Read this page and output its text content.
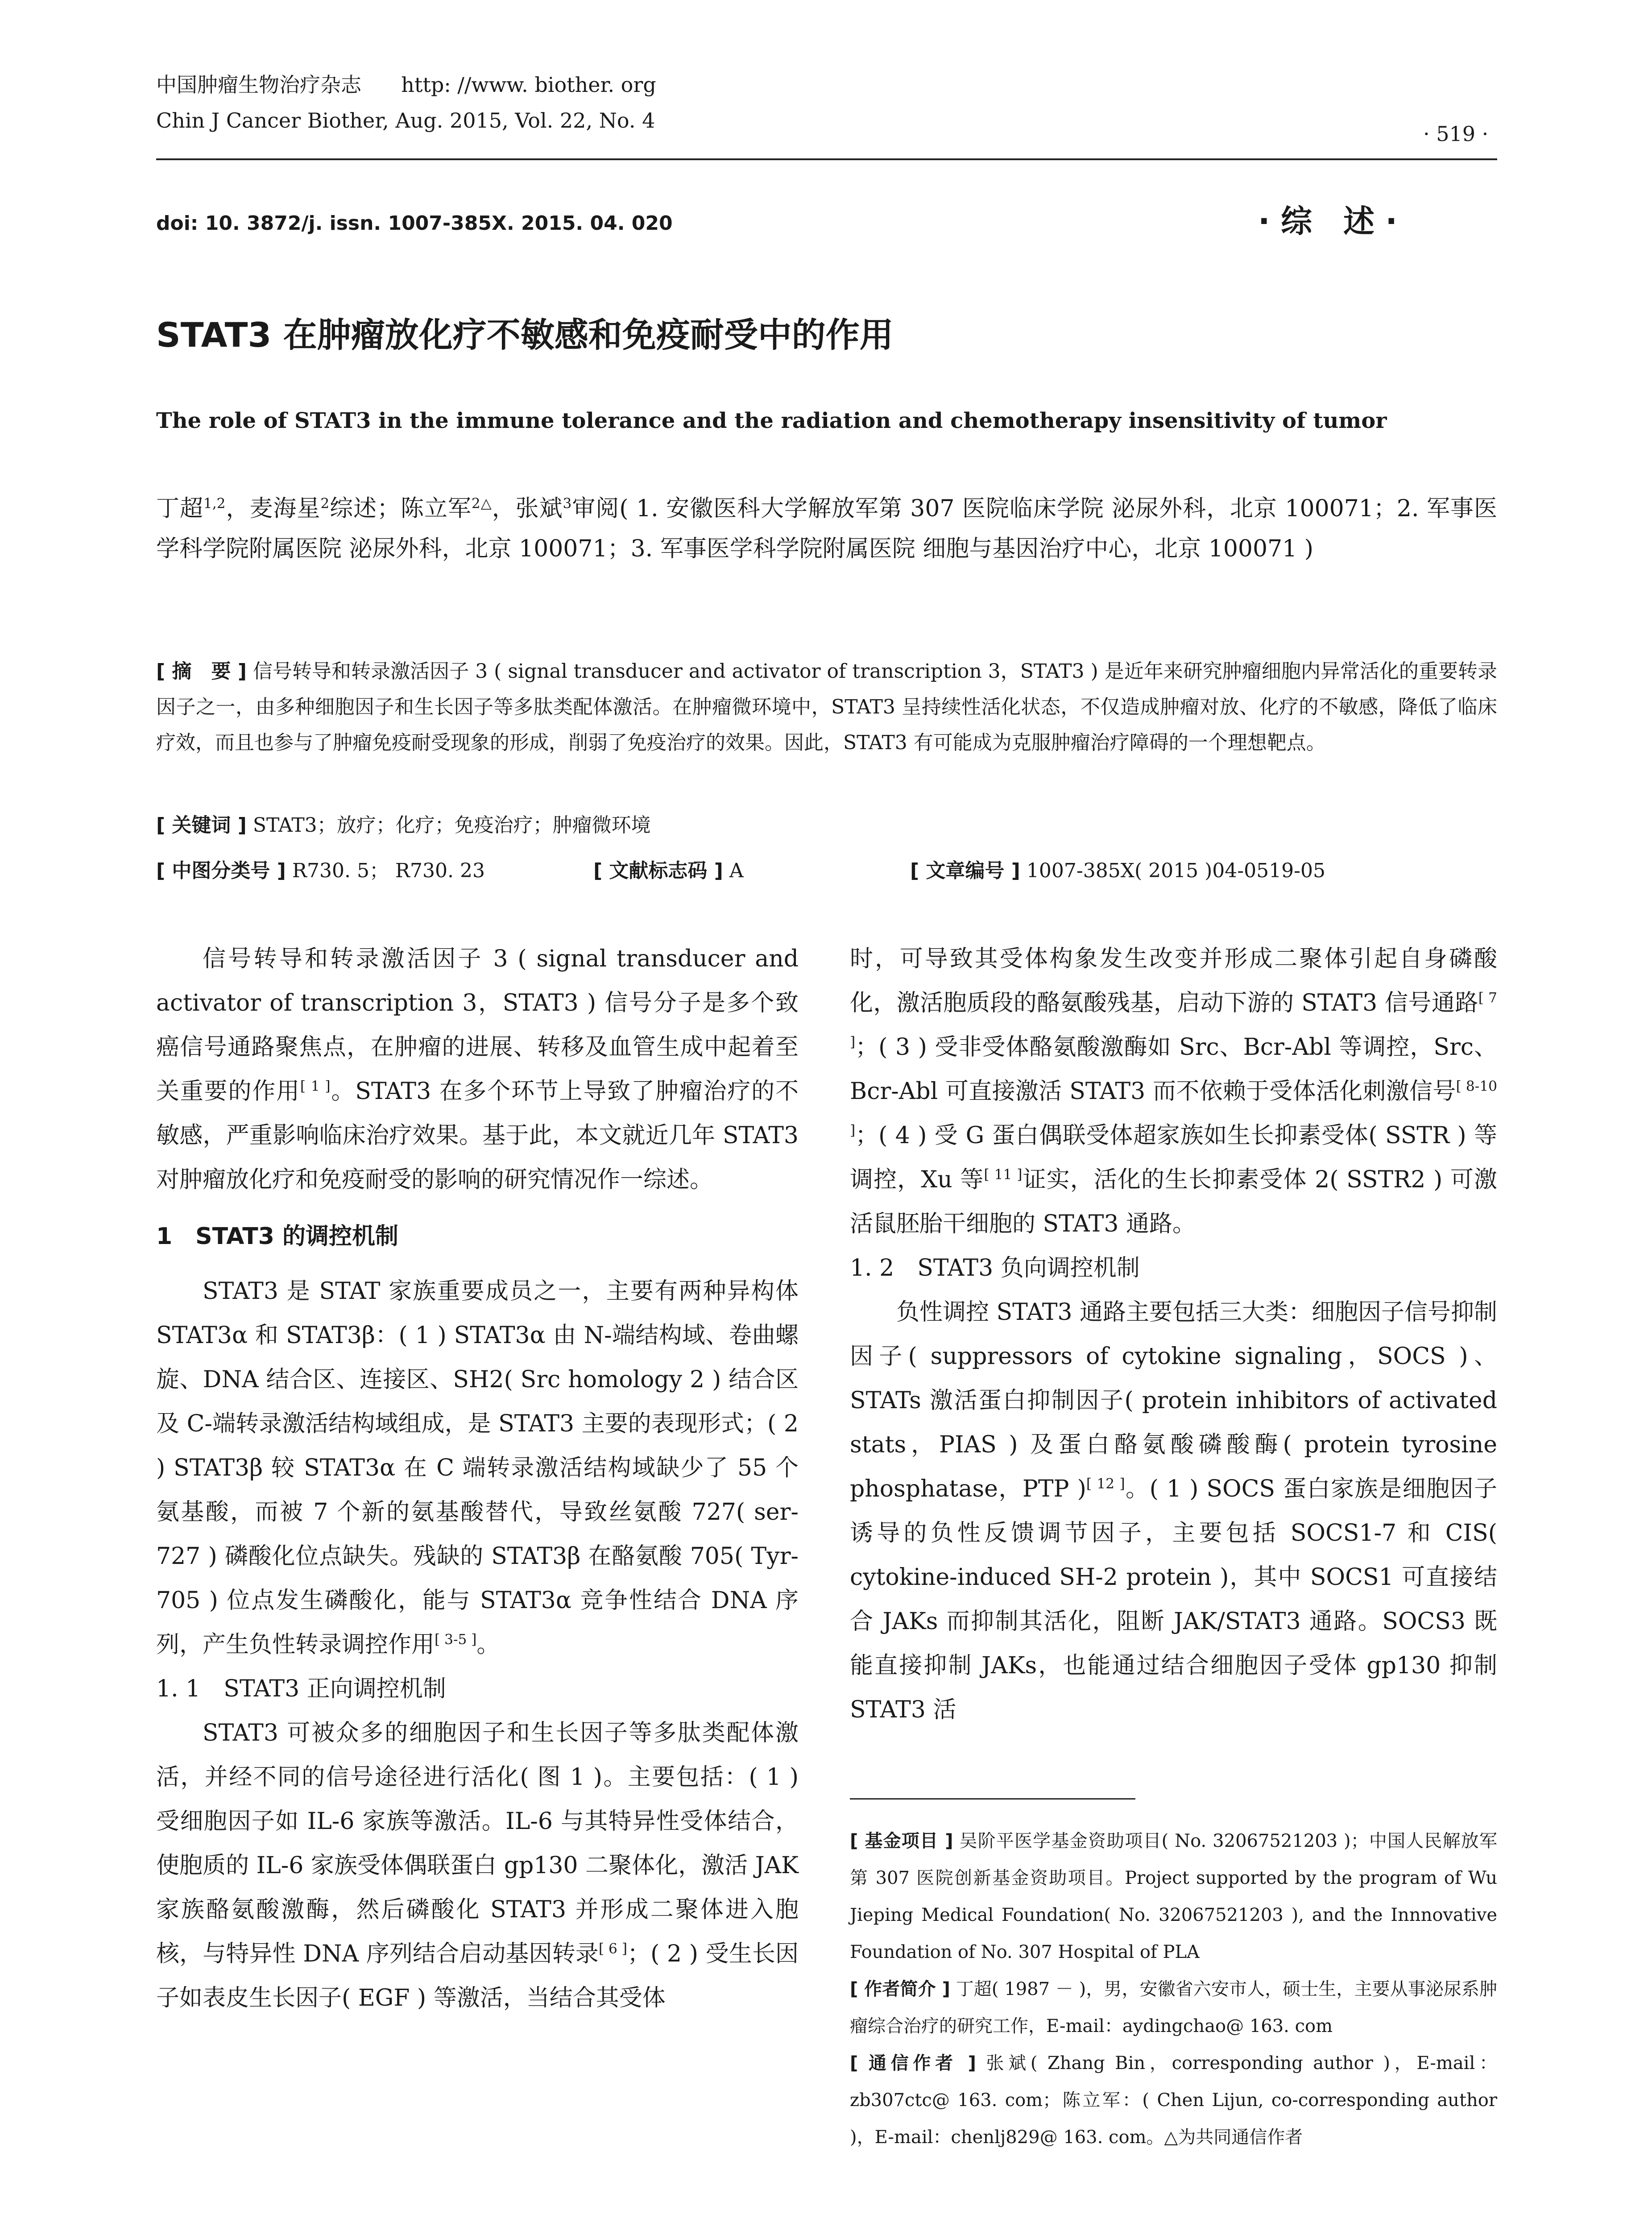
中国肿瘤生物治疗杂志 http: //www. biother. org
Chin J Cancer Biother, Aug. 2015, Vol. 22, No. 4
· 519 ·
doi: 10. 3872/j. issn. 1007-385X. 2015. 04. 020	· 综　述 ·
STAT3 在肿瘤放化疗不敏感和免疫耐受中的作用
The role of STAT3 in the immune tolerance and the radiation and chemotherapy insensitivity of tumor
丁超$^{1,2}$，麦海星$^2$综述；陈立军$^{2\triangle}$，张斌$^3$审阅( 1. 安徽医科大学解放军第 307 医院临床学院 泌尿外科，北京 100071；2. 军事医学科学院附属医院 泌尿外科，北京 100071；3. 军事医学科学院附属医院 细胞与基因治疗中心，北京 100071 )
[ 摘　要 ] 信号转导和转录激活因子 3 ( signal transducer and activator of transcription 3，STAT3 ) 是近年来研究肿瘤细胞内异常活化的重要转录因子之一，由多种细胞因子和生长因子等多肽类配体激活。在肿瘤微环境中，STAT3 呈持续性活化状态，不仅造成肿瘤对放、化疗的不敏感，降低了临床疗效，而且也参与了肿瘤免疫耐受现象的形成，削弱了免疫治疗的效果。因此，STAT3 有可能成为克服肿瘤治疗障碍的一个理想靶点。
[ 关键词 ] STAT3；放疗；化疗；免疫治疗；肿瘤微环境
[ 中图分类号 ] R730. 5； R730. 23	[ 文献标志码 ] A	[ 文章编号 ] 1007-385X( 2015 )04-0519-05

信号转导和转录激活因子 3 ( signal transducer and activator of transcription 3，STAT3 ) 信号分子是多个致癌信号通路聚焦点，在肿瘤的进展、转移及血管生成中起着至关重要的作用[ 1 ]。STAT3 在多个环节上导致了肿瘤治疗的不敏感，严重影响临床治疗效果。基于此，本文就近几年 STAT3 对肿瘤放化疗和免疫耐受的影响的研究情况作一综述。

1　STAT3 的调控机制

STAT3 是 STAT 家族重要成员之一，主要有两种异构体 STAT3α 和 STAT3β：( 1 ) STAT3α 由 N-端结构域、卷曲螺旋、DNA 结合区、连接区、SH2( Src homology 2 ) 结合区及 C-端转录激活结构域组成，是 STAT3 主要的表现形式；( 2 ) STAT3β 较 STAT3α 在 C 端转录激活结构域缺少了 55 个氨基酸，而被 7 个新的氨基酸替代，导致丝氨酸 727( ser-727 ) 磷酸化位点缺失。残缺的 STAT3β 在酪氨酸 705( Tyr-705 ) 位点发生磷酸化，能与 STAT3α 竞争性结合 DNA 序列，产生负性转录调控作用[ 3-5 ]。

1. 1　STAT3 正向调控机制

STAT3 可被众多的细胞因子和生长因子等多肽类配体激活，并经不同的信号途径进行活化( 图 1 )。主要包括：( 1 ) 受细胞因子如 IL-6 家族等激活。IL-6 与其特异性受体结合，使胞质的 IL-6 家族受体偶联蛋白 gp130 二聚体化，激活 JAK 家族酪氨酸激酶，然后磷酸化 STAT3 并形成二聚体进入胞核，与特异性 DNA 序列结合启动基因转录[ 6 ]；( 2 ) 受生长因子如表皮生长因子( EGF ) 等激活，当结合其受体

时，可导致其受体构象发生改变并形成二聚体引起自身磷酸化，激活胞质段的酪氨酸残基，启动下游的 STAT3 信号通路[ 7 ]；( 3 ) 受非受体酪氨酸激酶如 Src、Bcr-Abl 等调控，Src、Bcr-Abl 可直接激活 STAT3 而不依赖于受体活化刺激信号[ 8-10 ]；( 4 ) 受 G 蛋白偶联受体超家族如生长抑素受体( SSTR ) 等调控，Xu 等[ 11 ]证实，活化的生长抑素受体 2( SSTR2 ) 可激活鼠胚胎干细胞的 STAT3 通路。

1. 2　STAT3 负向调控机制

负性调控 STAT3 通路主要包括三大类：细胞因子信号抑制因子( suppressors of cytokine signaling，SOCS )、STATs 激活蛋白抑制因子( protein inhibitors of activated stats，PIAS ) 及蛋白酪氨酸磷酸酶( protein tyrosine phosphatase，PTP )[ 12 ]。( 1 ) SOCS 蛋白家族是细胞因子诱导的负性反馈调节因子，主要包括 SOCS1-7 和 CIS( cytokine-induced SH-2 protein )，其中 SOCS1 可直接结合 JAKs 而抑制其活化，阻断 JAK/STAT3 通路。SOCS3 既能直接抑制 JAKs，也能通过结合细胞因子受体 gp130 抑制 STAT3 活

[ 基金项目 ] 吴阶平医学基金资助项目( No. 32067521203 )；中国人民解放军第 307 医院创新基金资助项目。Project supported by the program of Wu Jieping Medical Foundation( No. 32067521203 ), and the Innnovative Foundation of No. 307 Hospital of PLA
[ 作者简介 ] 丁超( 1987 － )，男，安徽省六安市人，硕士生，主要从事泌尿系肿瘤综合治疗的研究工作，E-mail：aydingchao@ 163. com
[ 通信作者 ] 张斌( Zhang Bin，corresponding author )，E-mail：zb307ctc@ 163. com；陈立军：( Chen Lijun, co-corresponding author )，E-mail：chenlj829@ 163. com。△为共同通信作者
